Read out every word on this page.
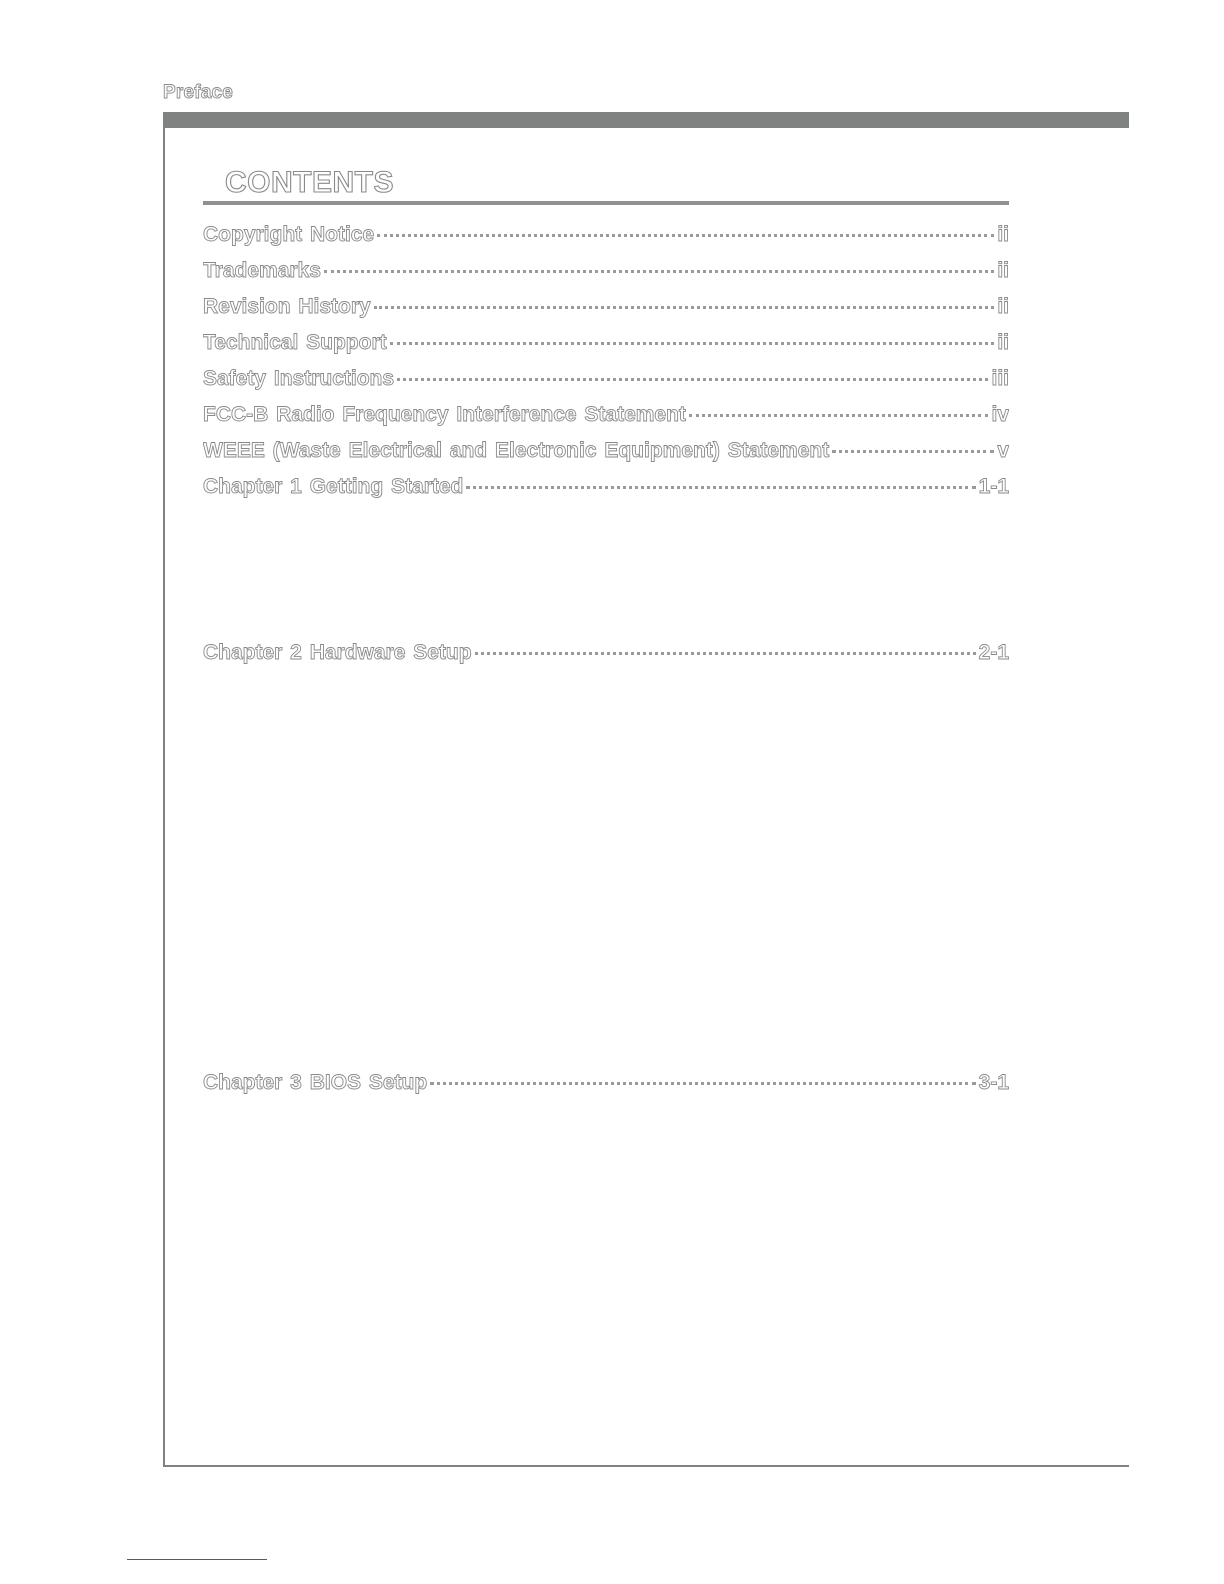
Preface
CONTENTS
Copyright Notice	ii
Trademarks	ii
Revision History	ii
Technical Support	ii
Safety Instructions	iii
FCC-B Radio Frequency Interference Statement	iv
WEEE (Waste Electrical and Electronic Equipment) Statement	v
Chapter 1 Getting Started	1-1
Chapter 2 Hardware Setup	2-1
Chapter 3 BIOS Setup	3-1
